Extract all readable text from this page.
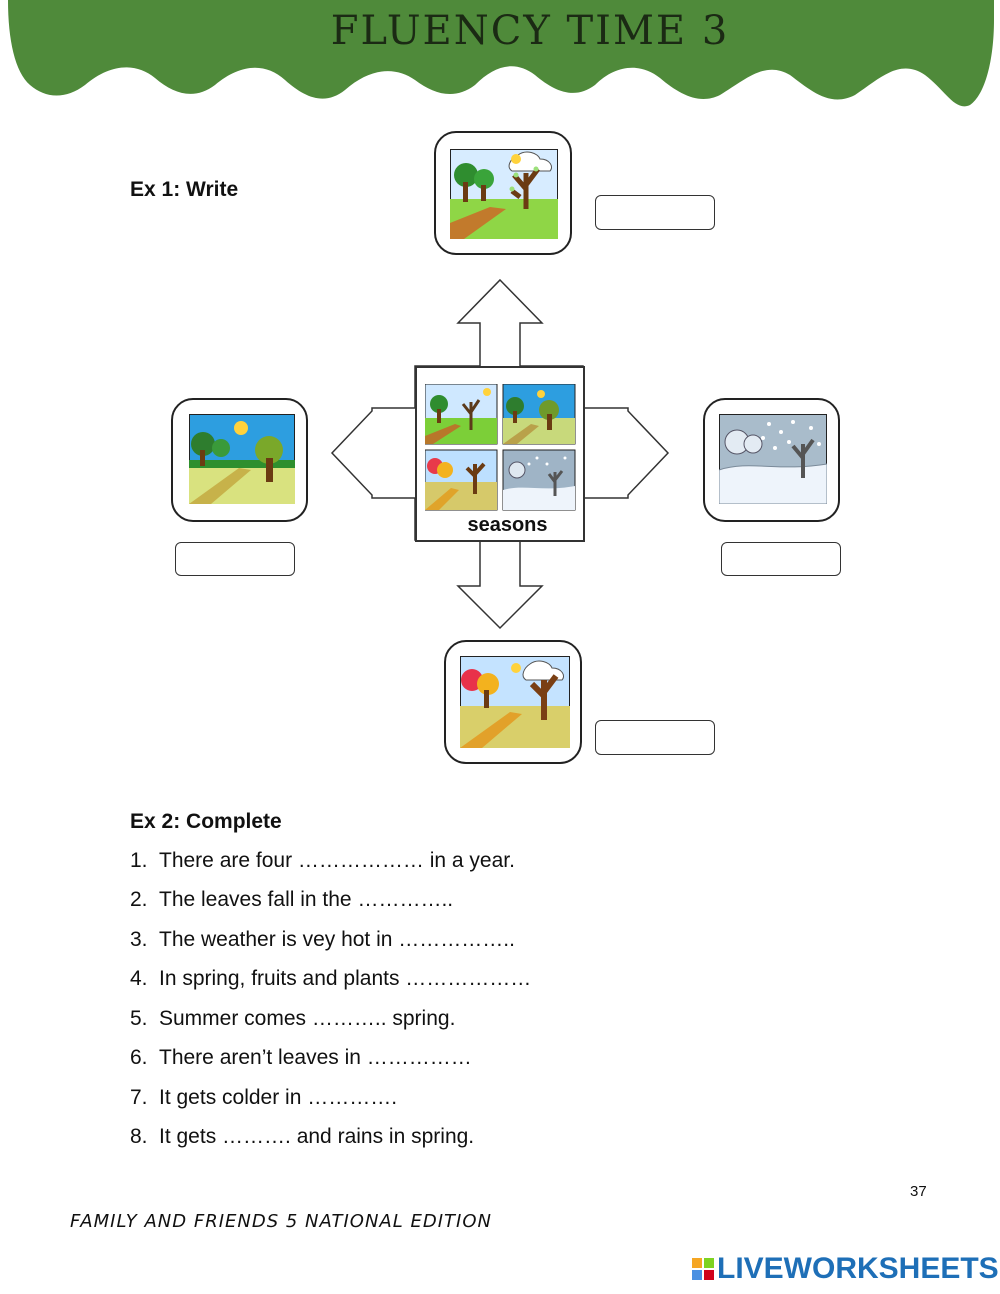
FLUENCY TIME 3
Ex 1: Write
seasons
Ex 2: Complete
1. There are four ……………… in a year.
2. The leaves fall in the …………..
3. The weather is vey hot in ……………..
4. In spring, fruits and plants ………………
5. Summer comes ……….. spring.
6. There aren’t leaves in ……………
7. It gets colder in ………….
8. It gets ………. and rains in spring.
37
FAMILY AND FRIENDS 5 NATIONAL EDITION
LIVEWORKSHEETS
